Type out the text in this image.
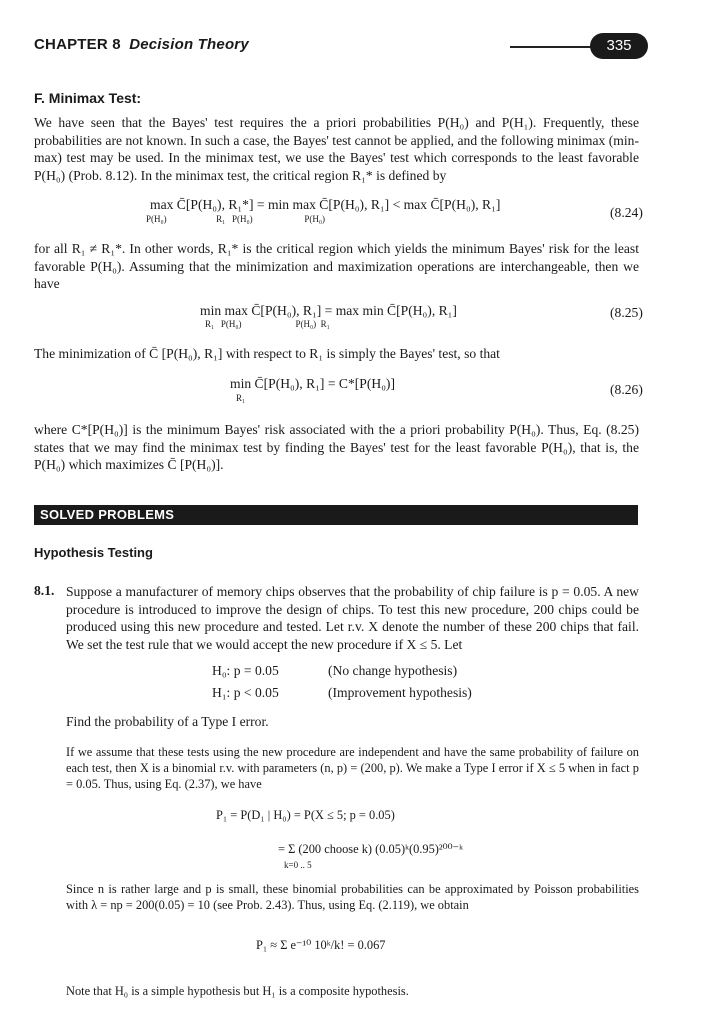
CHAPTER 8 Decision Theory	335
F. Minimax Test:
We have seen that the Bayes' test requires the a priori probabilities P(H₀) and P(H₁). Frequently, these probabilities are not known. In such a case, the Bayes' test cannot be applied, and the following minimax (min-max) test may be used. In the minimax test, we use the Bayes' test which corresponds to the least favorable P(H₀) (Prob. 8.12). In the minimax test, the critical region R₁* is defined by
max C̄[P(H₀), R₁*] = min max C̄[P(H₀), R₁] < max C̄[P(H₀), R₁]
P(H₀)                      R₁   P(H₀)                       P(H₀)	(8.24)
for all R₁ ≠ R₁*. In other words, R₁* is the critical region which yields the minimum Bayes' risk for the least favorable P(H₀). Assuming that the minimization and maximization operations are interchangeable, then we have
min max C̄[P(H₀), R₁] = max min C̄[P(H₀), R₁]
R₁   P(H₀)                        P(H₀)  R₁
(8.25)
The minimization of C̄ [P(H₀), R₁] with respect to R₁ is simply the Bayes' test, so that
min C̄[P(H₀), R₁] = C*[P(H₀)]
R₁
(8.26)
where C*[P(H₀)] is the minimum Bayes' risk associated with the a priori probability P(H₀). Thus, Eq. (8.25) states that we may find the minimax test by finding the Bayes' test for the least favorable P(H₀), that is, the P(H₀) which maximizes C̄ [P(H₀)].
SOLVED PROBLEMS
Hypothesis Testing
8.1. Suppose a manufacturer of memory chips observes that the probability of chip failure is p = 0.05. A new procedure is introduced to improve the design of chips. To test this new procedure, 200 chips could be produced using this new procedure and tested. Let r.v. X denote the number of these 200 chips that fail. We set the test rule that we would accept the new procedure if X ≤ 5. Let
H₀: p = 0.05	(No change hypothesis)
H₁: p < 0.05	(Improvement hypothesis)
Find the probability of a Type I error.
If we assume that these tests using the new procedure are independent and have the same probability of failure on each test, then X is a binomial r.v. with parameters (n, p) = (200, p). We make a Type I error if X ≤ 5 when in fact p = 0.05. Thus, using Eq. (2.37), we have
P₁ = P(D₁ | H₀) = P(X ≤ 5; p = 0.05)
= Σ (200 choose k) (0.05)ᵏ(0.95)²⁰⁰⁻ᵏ
k=0 .. 5
Since n is rather large and p is small, these binomial probabilities can be approximated by Poisson probabilities with λ = np = 200(0.05) = 10 (see Prob. 2.43). Thus, using Eq. (2.119), we obtain
P₁ ≈ Σ e⁻¹⁰ 10ᵏ/k! = 0.067
Note that H₀ is a simple hypothesis but H₁ is a composite hypothesis.
